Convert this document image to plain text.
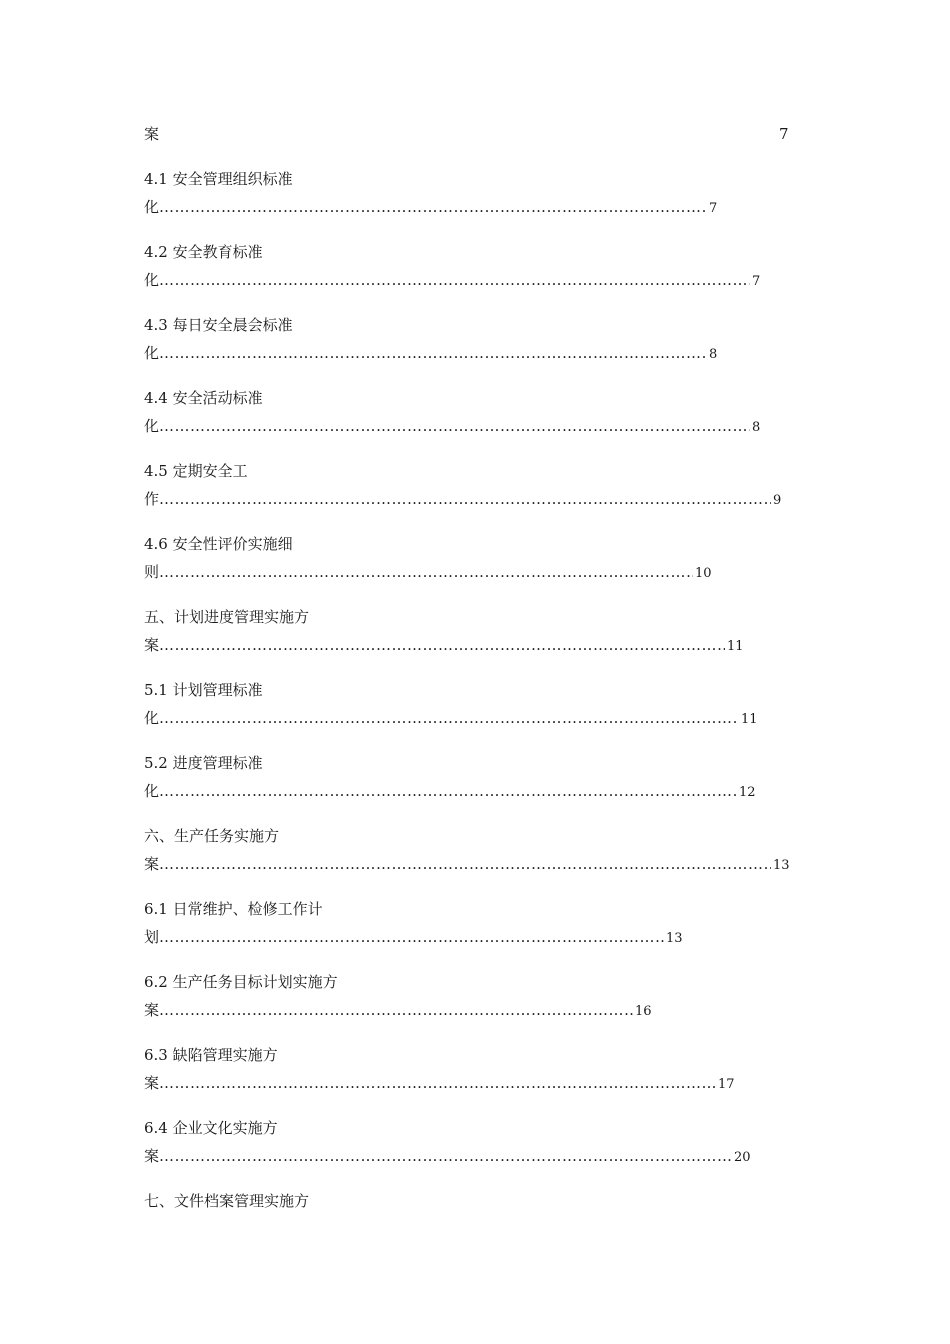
案	7
4.1 安全管理组织标准
化 …………………………………………………………………………………………………………………………………………………………………………………………………………	7
4.2 安全教育标准
化 …………………………………………………………………………………………………………………………………………………………………………………………………………	7
4.3 每日安全晨会标准
化 …………………………………………………………………………………………………………………………………………………………………………………………………………	8
4.4 安全活动标准
化 …………………………………………………………………………………………………………………………………………………………………………………………………………	8
4.5 定期安全工
作 …………………………………………………………………………………………………………………………………………………………………………………………………………	9
4.6 安全性评价实施细
则 …………………………………………………………………………………………………………………………………………………………………………………………………………	10
五、计划进度管理实施方
案 …………………………………………………………………………………………………………………………………………………………………………………………………………	11
5.1 计划管理标准
化 …………………………………………………………………………………………………………………………………………………………………………………………………………	11
5.2 进度管理标准
化 …………………………………………………………………………………………………………………………………………………………………………………………………………	12
六、生产任务实施方
案 …………………………………………………………………………………………………………………………………………………………………………………………………………	13
6.1 日常维护、检修工作计
划 …………………………………………………………………………………………………………………………………………………………………………………………………………	13
6.2 生产任务目标计划实施方
案 …………………………………………………………………………………………………………………………………………………………………………………………………………	16
6.3 缺陷管理实施方
案 …………………………………………………………………………………………………………………………………………………………………………………………………………	17
6.4 企业文化实施方
案 …………………………………………………………………………………………………………………………………………………………………………………………………………	20
七、文件档案管理实施方
